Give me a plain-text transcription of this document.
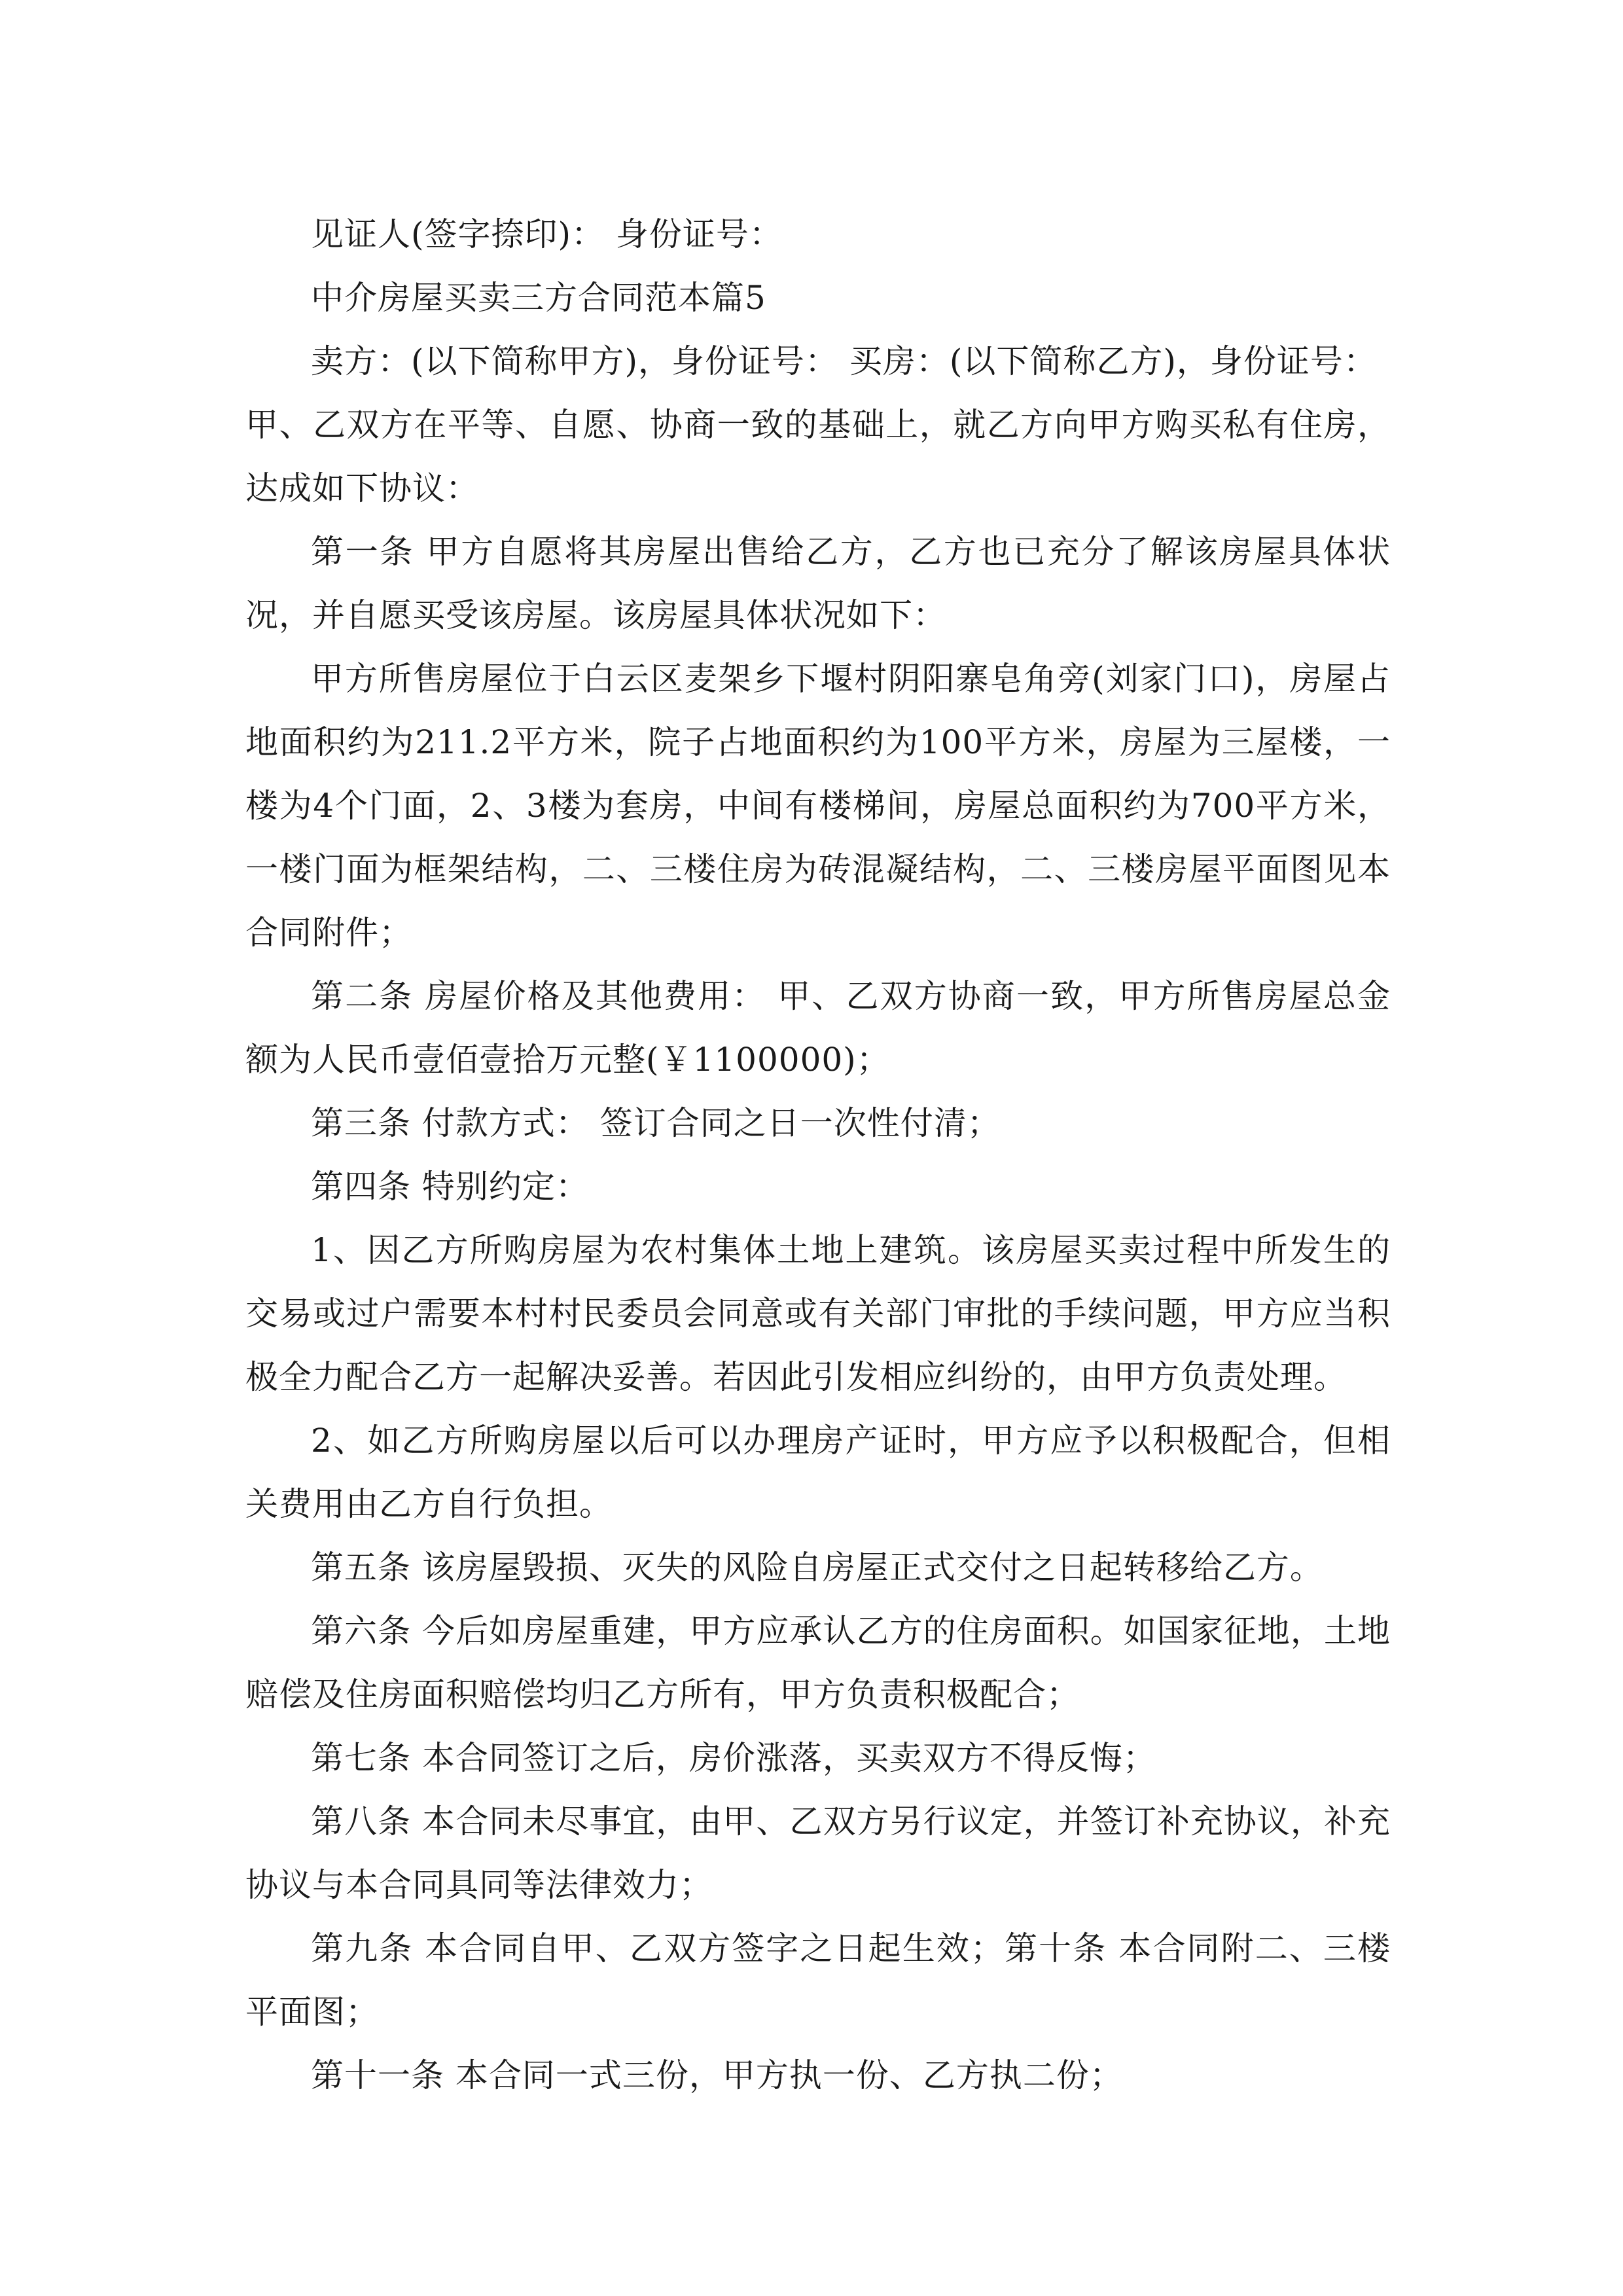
见证人(签字捺印)： 身份证号：

中介房屋买卖三方合同范本篇5

卖方：(以下简称甲方)，身份证号： 买房：(以下简称乙方)，身份证号：

甲、乙双方在平等、自愿、协商一致的基础上，就乙方向甲方购买私有住房，达成如下协议：

第一条 甲方自愿将其房屋出售给乙方，乙方也已充分了解该房屋具体状况，并自愿买受该房屋。该房屋具体状况如下：

甲方所售房屋位于白云区麦架乡下堰村阴阳寨皂角旁(刘家门口)，房屋占地面积约为211.2平方米，院子占地面积约为100平方米，房屋为三屋楼，一楼为4个门面，2、3楼为套房，中间有楼梯间，房屋总面积约为700平方米，一楼门面为框架结构，二、三楼住房为砖混凝结构，二、三楼房屋平面图见本合同附件；

第二条 房屋价格及其他费用： 甲、乙双方协商一致，甲方所售房屋总金额为人民币壹佰壹拾万元整(￥1100000)；

第三条 付款方式： 签订合同之日一次性付清；

第四条 特别约定：

1、因乙方所购房屋为农村集体土地上建筑。该房屋买卖过程中所发生的交易或过户需要本村村民委员会同意或有关部门审批的手续问题，甲方应当积极全力配合乙方一起解决妥善。若因此引发相应纠纷的，由甲方负责处理。

2、如乙方所购房屋以后可以办理房产证时，甲方应予以积极配合，但相关费用由乙方自行负担。

第五条 该房屋毁损、灭失的风险自房屋正式交付之日起转移给乙方。

第六条 今后如房屋重建，甲方应承认乙方的住房面积。如国家征地，土地赔偿及住房面积赔偿均归乙方所有，甲方负责积极配合；

第七条 本合同签订之后，房价涨落，买卖双方不得反悔；

第八条 本合同未尽事宜，由甲、乙双方另行议定，并签订补充协议，补充协议与本合同具同等法律效力；

第九条 本合同自甲、乙双方签字之日起生效；第十条 本合同附二、三楼平面图；

第十一条 本合同一式三份，甲方执一份、乙方执二份；
